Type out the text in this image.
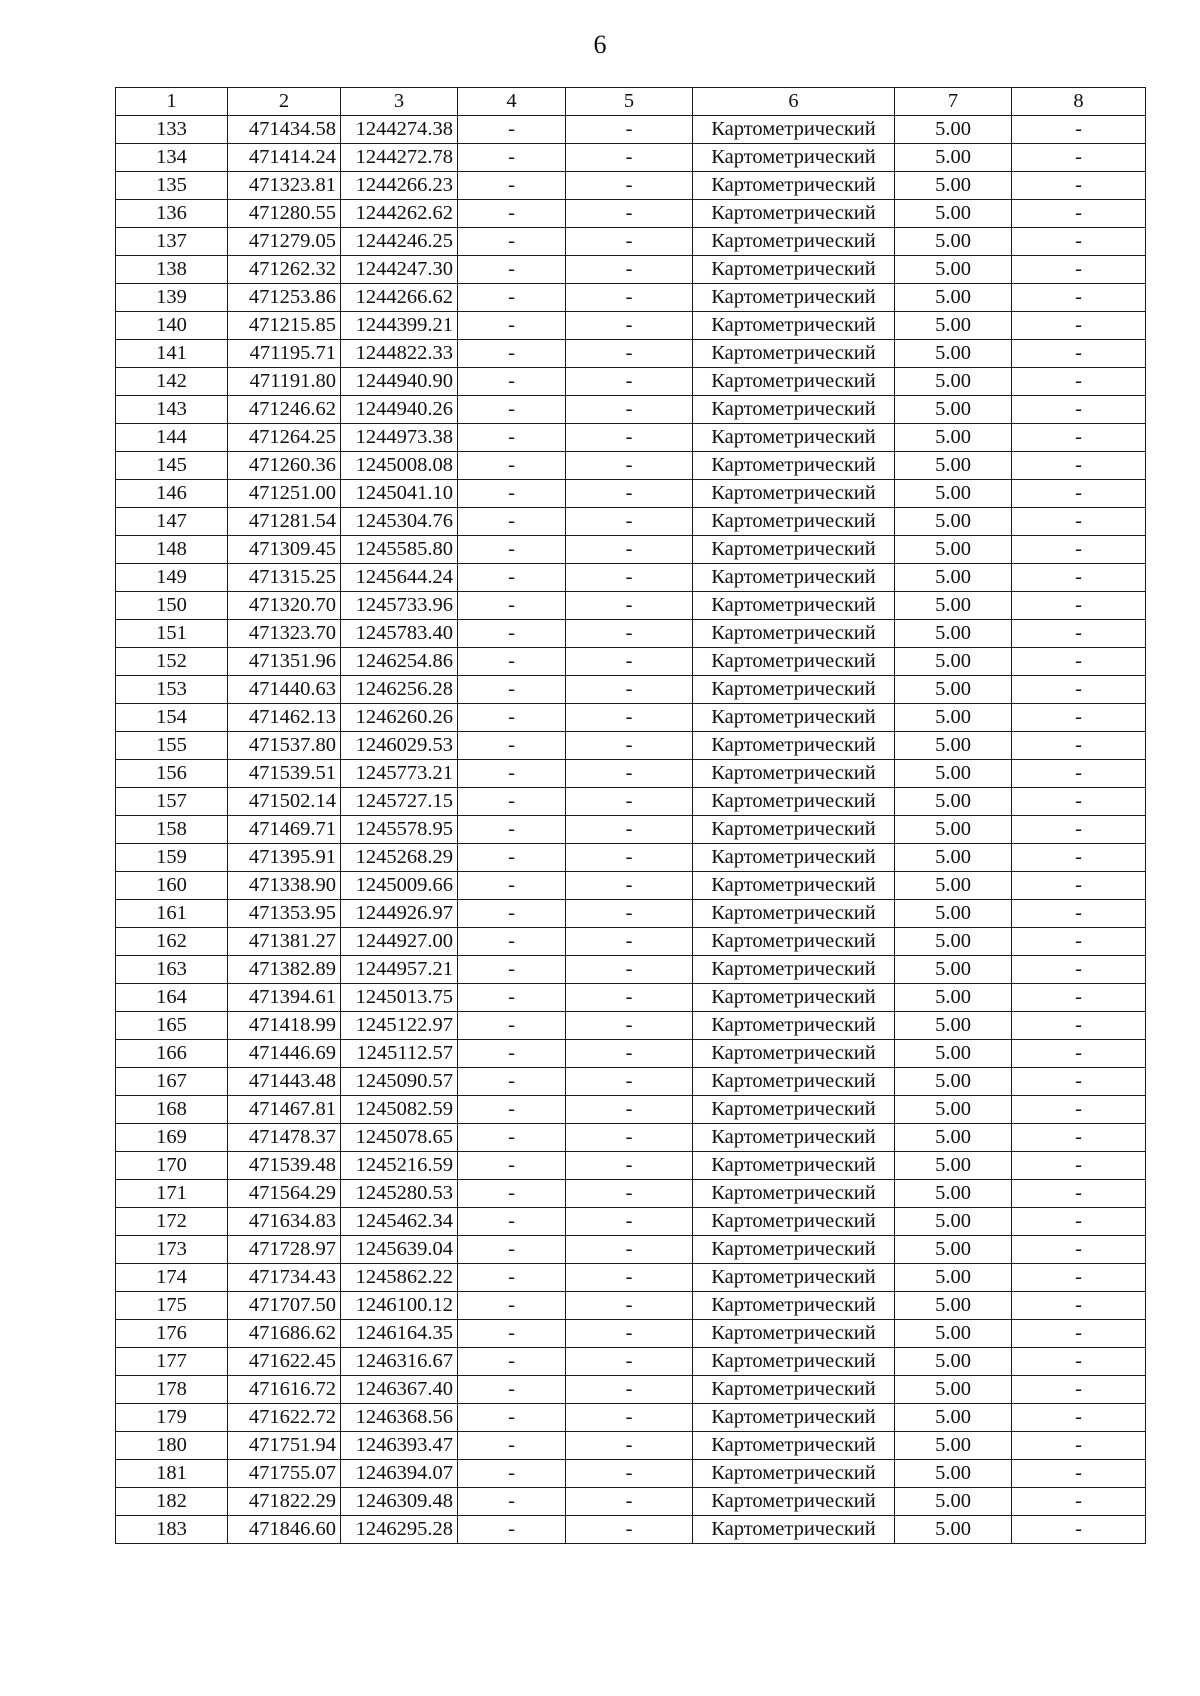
6
1	2	3	4	5	6	7	8
133	471434.58	1244274.38	-	-	Картометрический	5.00	-
134	471414.24	1244272.78	-	-	Картометрический	5.00	-
135	471323.81	1244266.23	-	-	Картометрический	5.00	-
136	471280.55	1244262.62	-	-	Картометрический	5.00	-
137	471279.05	1244246.25	-	-	Картометрический	5.00	-
138	471262.32	1244247.30	-	-	Картометрический	5.00	-
139	471253.86	1244266.62	-	-	Картометрический	5.00	-
140	471215.85	1244399.21	-	-	Картометрический	5.00	-
141	471195.71	1244822.33	-	-	Картометрический	5.00	-
142	471191.80	1244940.90	-	-	Картометрический	5.00	-
143	471246.62	1244940.26	-	-	Картометрический	5.00	-
144	471264.25	1244973.38	-	-	Картометрический	5.00	-
145	471260.36	1245008.08	-	-	Картометрический	5.00	-
146	471251.00	1245041.10	-	-	Картометрический	5.00	-
147	471281.54	1245304.76	-	-	Картометрический	5.00	-
148	471309.45	1245585.80	-	-	Картометрический	5.00	-
149	471315.25	1245644.24	-	-	Картометрический	5.00	-
150	471320.70	1245733.96	-	-	Картометрический	5.00	-
151	471323.70	1245783.40	-	-	Картометрический	5.00	-
152	471351.96	1246254.86	-	-	Картометрический	5.00	-
153	471440.63	1246256.28	-	-	Картометрический	5.00	-
154	471462.13	1246260.26	-	-	Картометрический	5.00	-
155	471537.80	1246029.53	-	-	Картометрический	5.00	-
156	471539.51	1245773.21	-	-	Картометрический	5.00	-
157	471502.14	1245727.15	-	-	Картометрический	5.00	-
158	471469.71	1245578.95	-	-	Картометрический	5.00	-
159	471395.91	1245268.29	-	-	Картометрический	5.00	-
160	471338.90	1245009.66	-	-	Картометрический	5.00	-
161	471353.95	1244926.97	-	-	Картометрический	5.00	-
162	471381.27	1244927.00	-	-	Картометрический	5.00	-
163	471382.89	1244957.21	-	-	Картометрический	5.00	-
164	471394.61	1245013.75	-	-	Картометрический	5.00	-
165	471418.99	1245122.97	-	-	Картометрический	5.00	-
166	471446.69	1245112.57	-	-	Картометрический	5.00	-
167	471443.48	1245090.57	-	-	Картометрический	5.00	-
168	471467.81	1245082.59	-	-	Картометрический	5.00	-
169	471478.37	1245078.65	-	-	Картометрический	5.00	-
170	471539.48	1245216.59	-	-	Картометрический	5.00	-
171	471564.29	1245280.53	-	-	Картометрический	5.00	-
172	471634.83	1245462.34	-	-	Картометрический	5.00	-
173	471728.97	1245639.04	-	-	Картометрический	5.00	-
174	471734.43	1245862.22	-	-	Картометрический	5.00	-
175	471707.50	1246100.12	-	-	Картометрический	5.00	-
176	471686.62	1246164.35	-	-	Картометрический	5.00	-
177	471622.45	1246316.67	-	-	Картометрический	5.00	-
178	471616.72	1246367.40	-	-	Картометрический	5.00	-
179	471622.72	1246368.56	-	-	Картометрический	5.00	-
180	471751.94	1246393.47	-	-	Картометрический	5.00	-
181	471755.07	1246394.07	-	-	Картометрический	5.00	-
182	471822.29	1246309.48	-	-	Картометрический	5.00	-
183	471846.60	1246295.28	-	-	Картометрический	5.00	-
